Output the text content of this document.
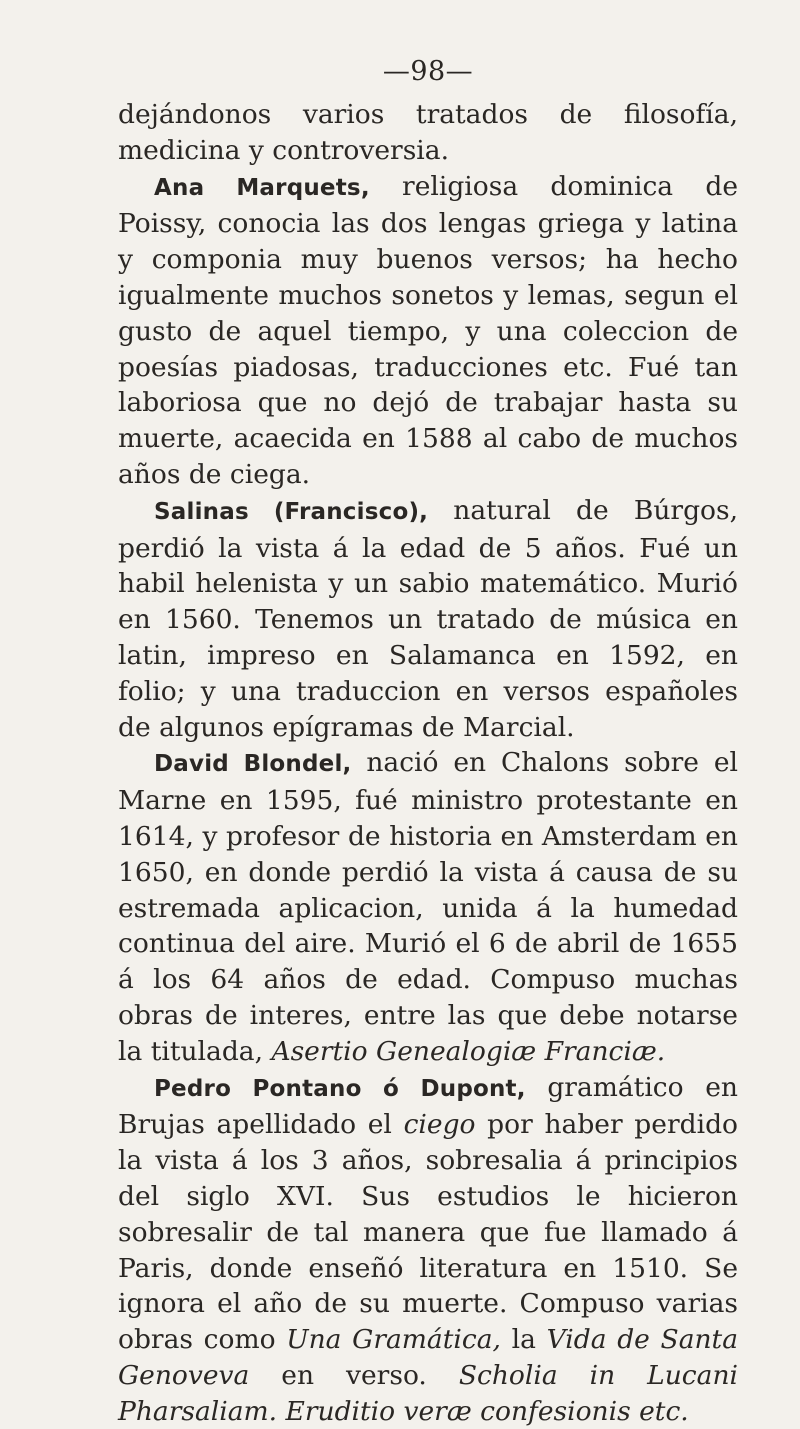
—98—

dejándonos varios tratados de filosofía, medicina y controversia.

Ana Marquets, religiosa dominica de Poissy, conocia las dos lengas griega y latina y componia muy buenos versos; ha hecho igualmente muchos sonetos y lemas, segun el gusto de aquel tiempo, y una coleccion de poesías piadosas, traducciones etc. Fué tan laboriosa que no dejó de trabajar hasta su muerte, acaecida en 1588 al cabo de muchos años de ciega.

Salinas (Francisco), natural de Búrgos, perdió la vista á la edad de 5 años. Fué un habil helenista y un sabio matemático. Murió en 1560. Tenemos un tratado de música en latin, impreso en Salamanca en 1592, en folio; y una traduccion en versos españoles de algunos epígramas de Marcial.

David Blondel, nació en Chalons sobre el Marne en 1595, fué ministro protestante en 1614, y profesor de historia en Amsterdam en 1650, en donde perdió la vista á causa de su estremada aplicacion, unida á la humedad continua del aire. Murió el 6 de abril de 1655 á los 64 años de edad. Compuso muchas obras de interes, entre las que debe notarse la titulada, Asertio Genealogiæ Franciæ.

Pedro Pontano ó Dupont, gramático en Brujas apellidado el ciego por haber perdido la vista á los 3 años, sobresalia á principios del siglo XVI. Sus estudios le hicieron sobresalir de tal manera que fue llamado á Paris, donde enseñó literatura en 1510. Se ignora el año de su muerte. Compuso varias obras como Una Gramática, la Vida de Santa Genoveva en verso. Scholia in Lucani Pharsaliam. Eruditio veræ confesionis etc.
